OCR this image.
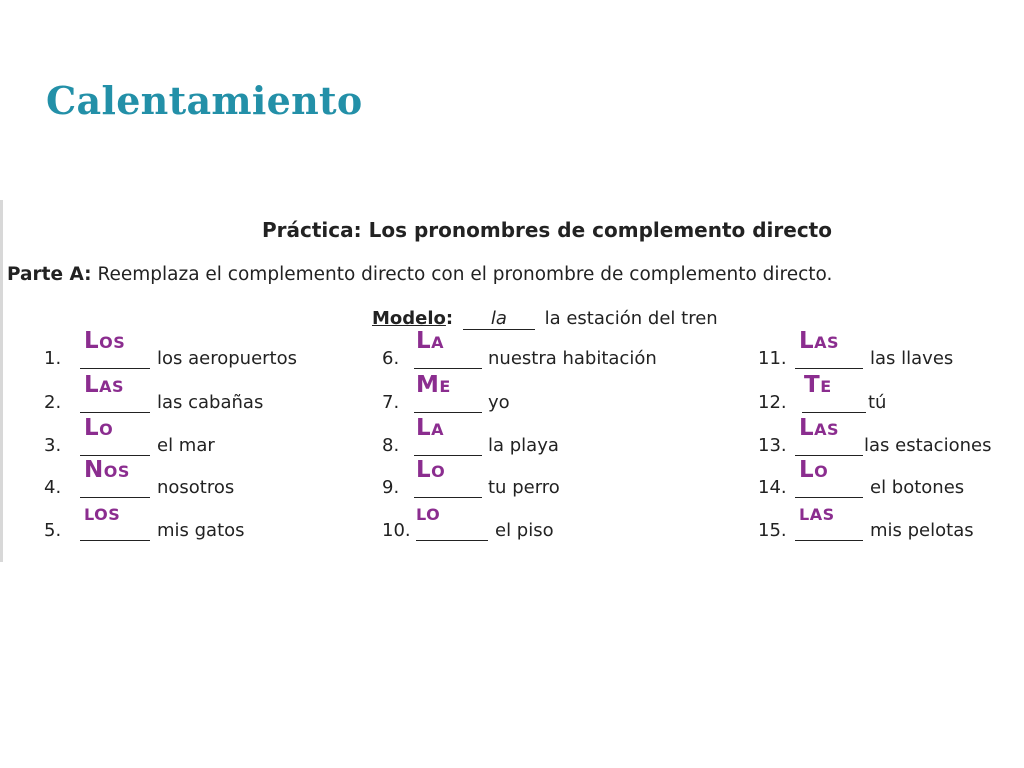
Calentamiento
Práctica: Los pronombres de complemento directo
Parte A: Reemplaza el complemento directo con el pronombre de complemento directo.
Modelo: la la estación del tren
1.
Los
los aeropuertos
2.
Las
las cabañas
3.
Lo
el mar
4.
Nos
nosotros
5.
los
mis gatos
6.
La
nuestra habitación
7.
Me
yo
8.
La
la playa
9.
Lo
tu perro
10.
lo
el piso
11.
Las
las llaves
12.
Te
tú
13.
Las
las estaciones
14.
Lo
el botones
15.
las
mis pelotas
